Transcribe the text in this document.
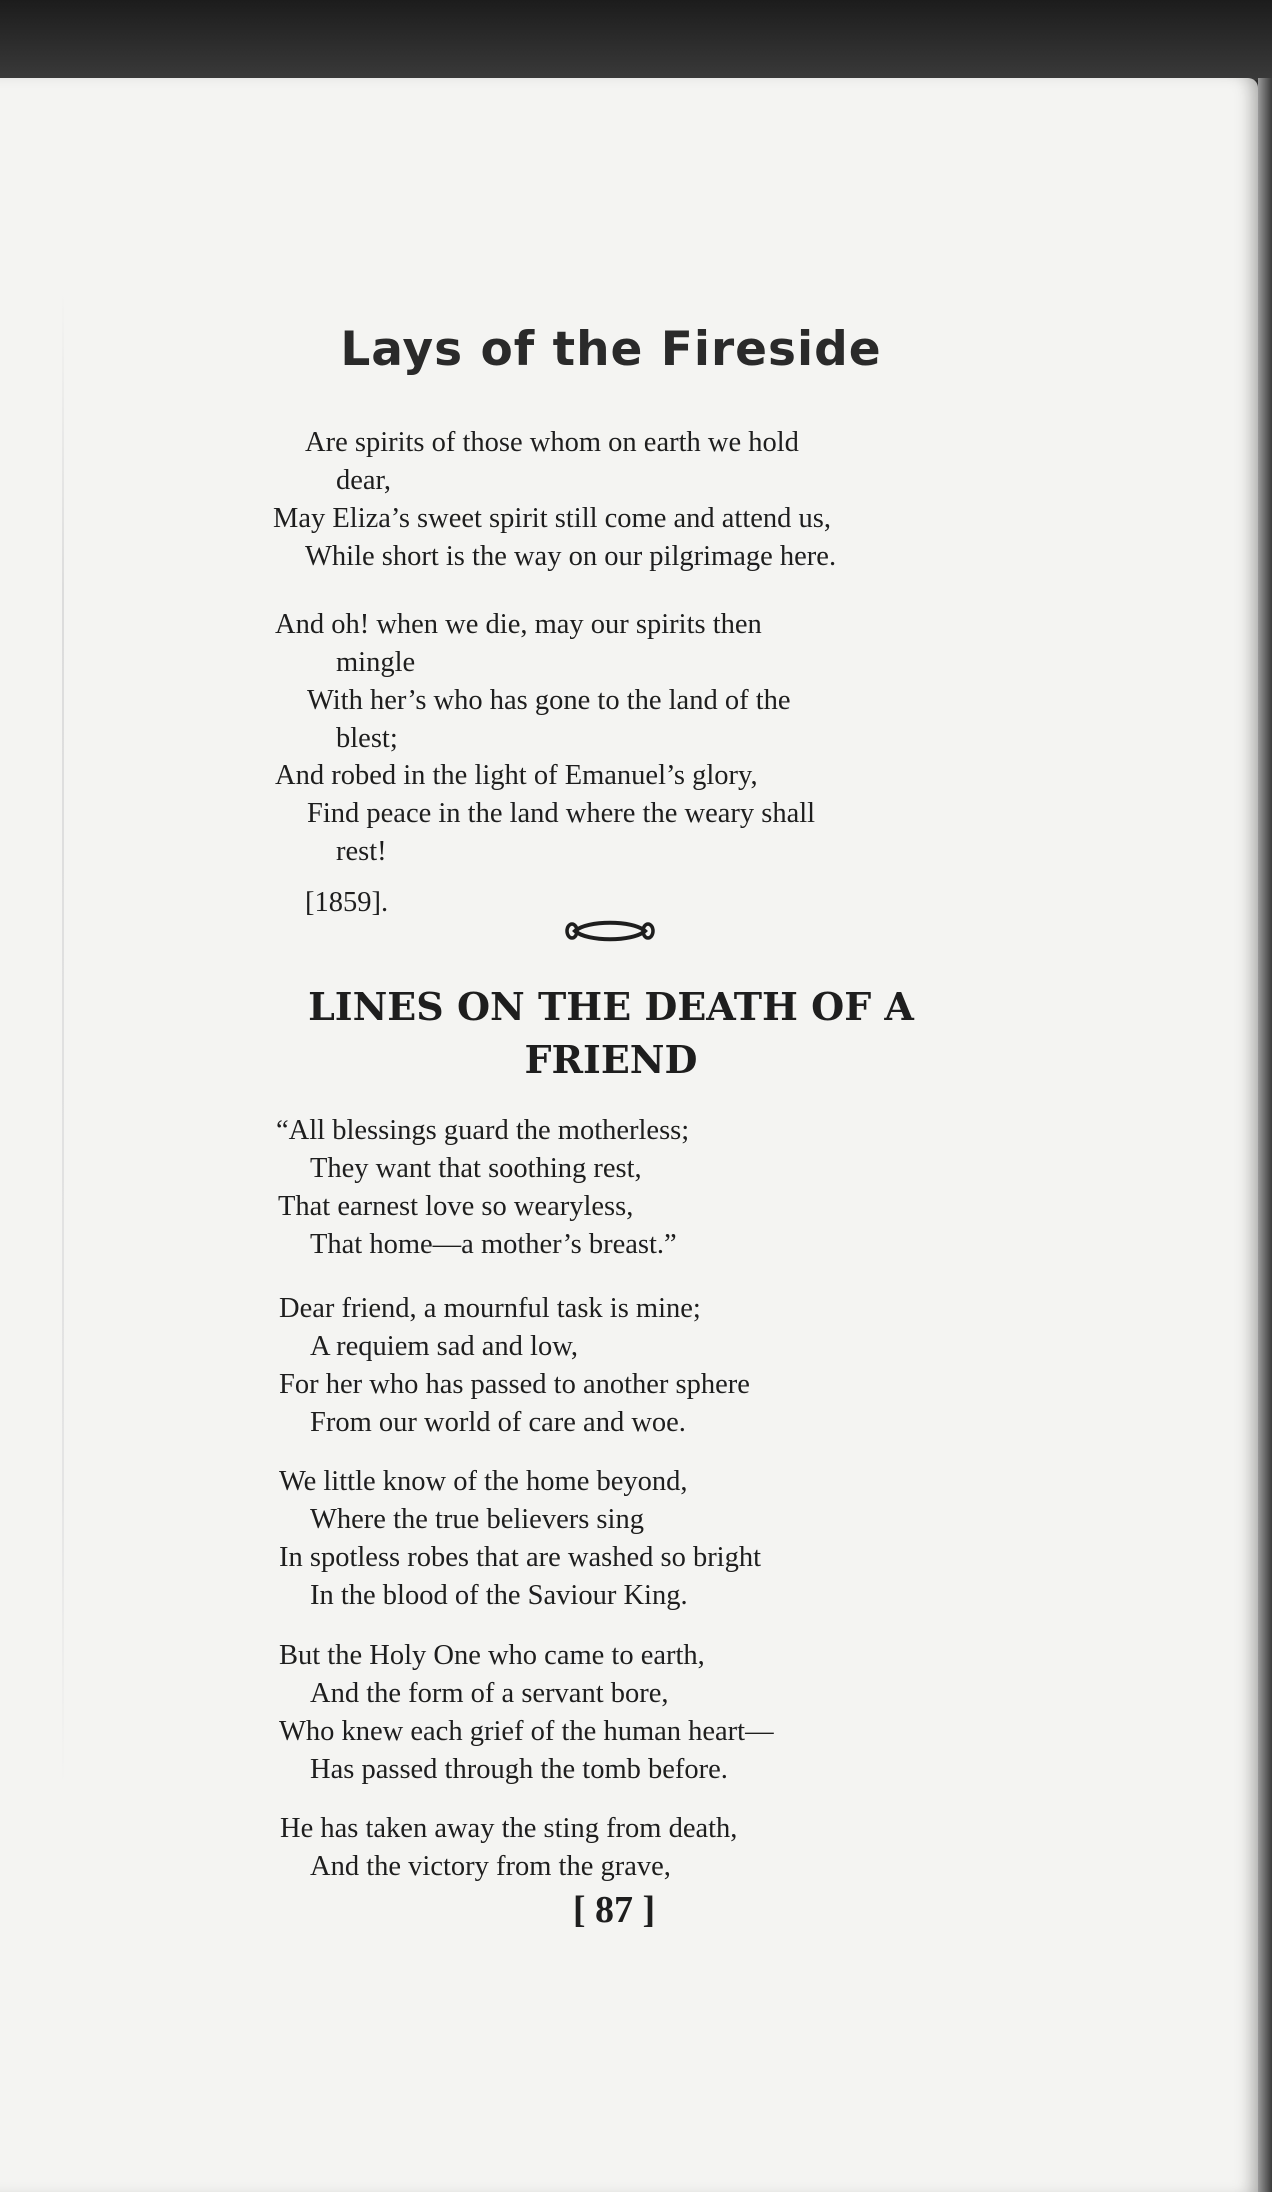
Lays of the Fireside
Are spirits of those whom on earth we hold
dear,
May Eliza’s sweet spirit still come and attend us,
While short is the way on our pilgrimage here.
And oh! when we die, may our spirits then
mingle
With her’s who has gone to the land of the
blest;
And robed in the light of Emanuel’s glory,
Find peace in the land where the weary shall
rest!
[1859].
LINES ON THE DEATH OF A
FRIEND
“All blessings guard the motherless;
They want that soothing rest,
That earnest love so wearyless,
That home—a mother’s breast.”
Dear friend, a mournful task is mine;
A requiem sad and low,
For her who has passed to another sphere
From our world of care and woe.
We little know of the home beyond,
Where the true believers sing
In spotless robes that are washed so bright
In the blood of the Saviour King.
But the Holy One who came to earth,
And the form of a servant bore,
Who knew each grief of the human heart—
Has passed through the tomb before.
He has taken away the sting from death,
And the victory from the grave,
[ 87 ]
